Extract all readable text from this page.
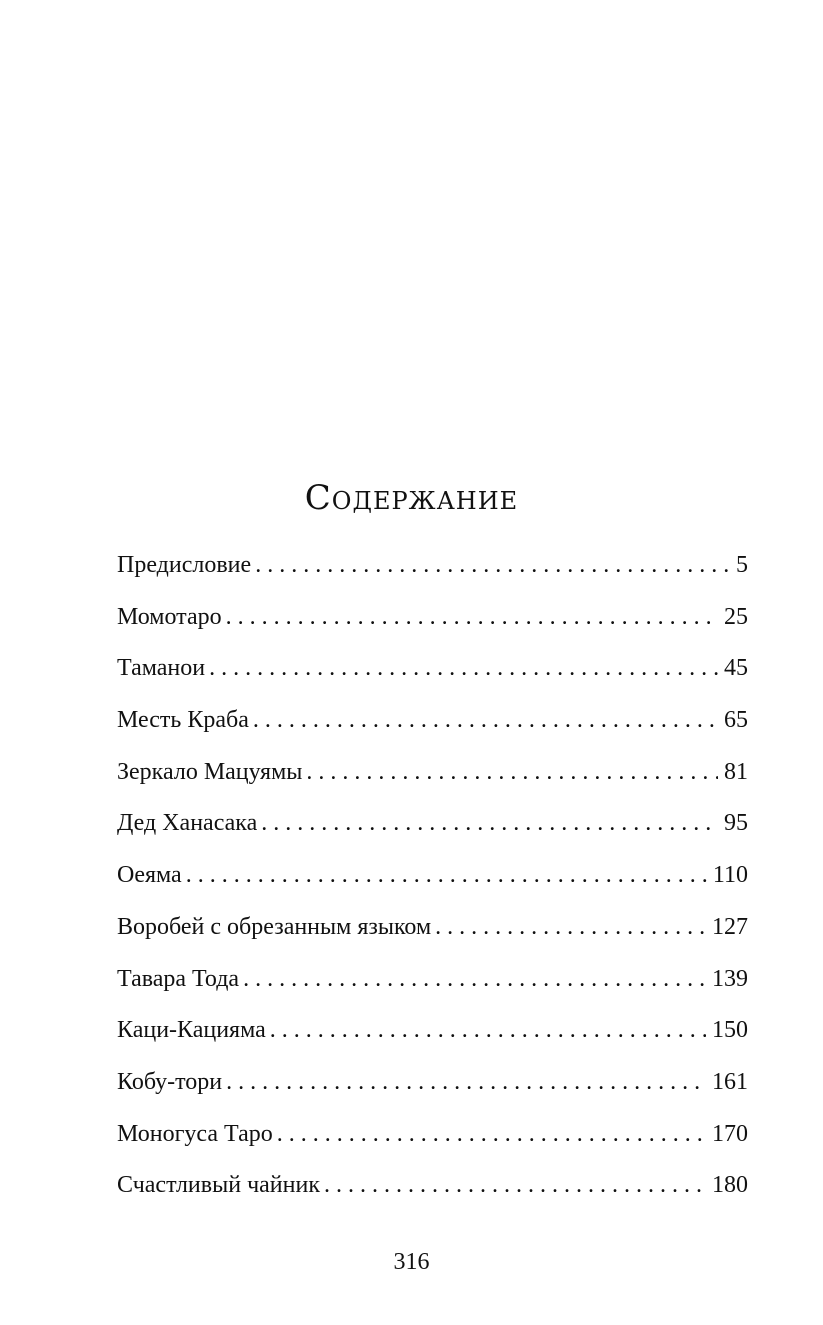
Содержание
Предисловие . . .	5
Момотаро . . .	25
Таманои . . .	45
Месть Краба . . .	65
Зеркало Мацуямы . . .	81
Дед Ханасака . . .	95
Оеяма . . .	110
Воробей с обрезанным языком . . .	127
Тавара Тода . . .	139
Каци-Кацияма . . .	150
Кобу-тори . . .	161
Моногуса Таро . . .	170
Счастливый чайник . . .	180
316
